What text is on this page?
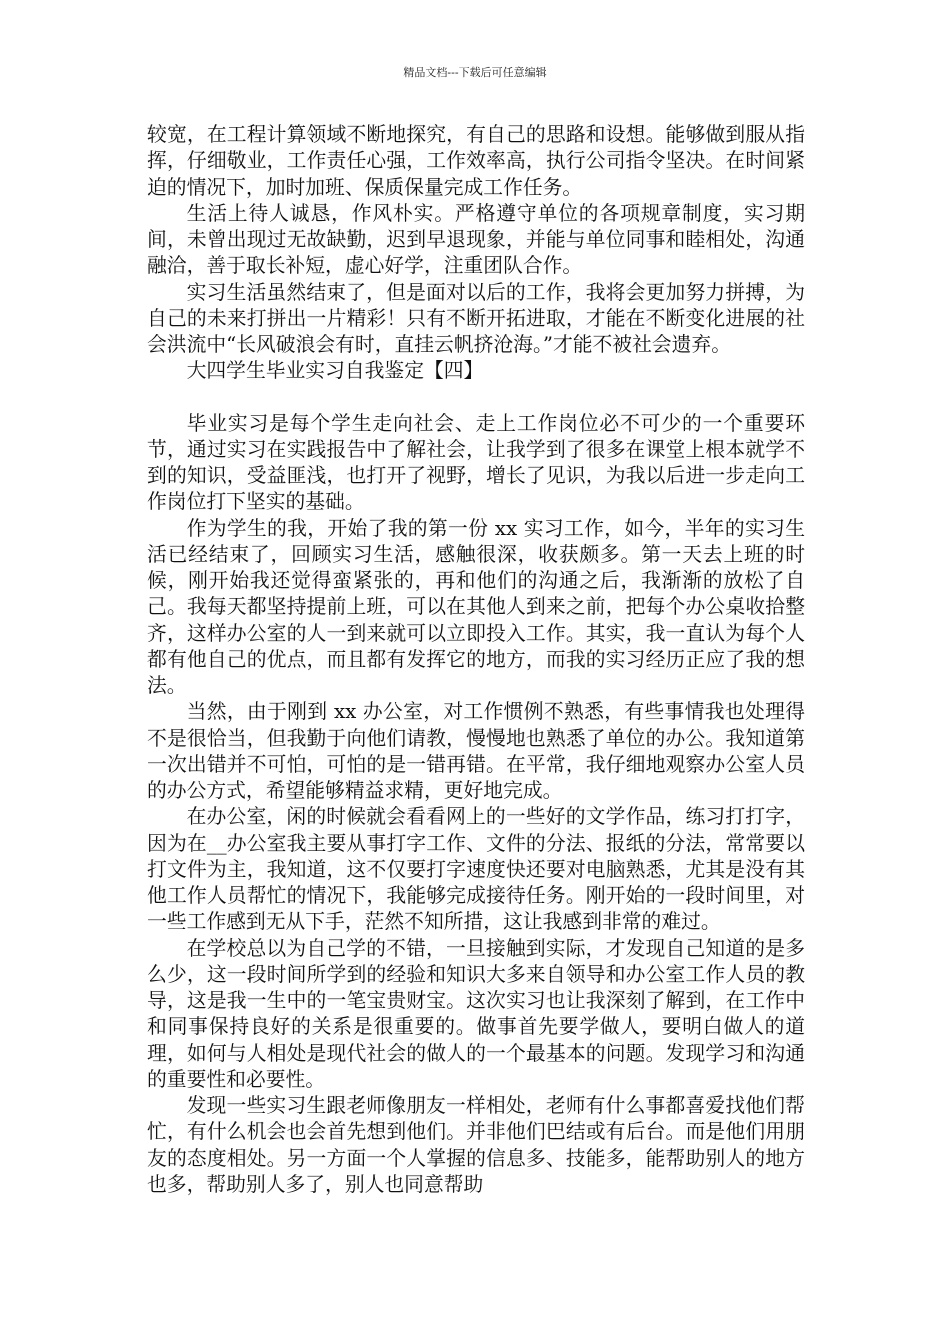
精品文档---下载后可任意编辑

较宽，在工程计算领域不断地探究，有自己的思路和设想。能够做到服从指挥，仔细敬业，工作责任心强，工作效率高，执行公司指令坚决。在时间紧迫的情况下，加时加班、保质保量完成工作任务。

生活上待人诚恳，作风朴实。严格遵守单位的各项规章制度，实习期间，未曾出现过无故缺勤，迟到早退现象，并能与单位同事和睦相处，沟通融洽，善于取长补短，虚心好学，注重团队合作。

实习生活虽然结束了，但是面对以后的工作，我将会更加努力拼搏，为自己的未来打拼出一片精彩！只有不断开拓进取，才能在不断变化进展的社会洪流中“长风破浪会有时，直挂云帆挤沧海。”才能不被社会遗弃。

大四学生毕业实习自我鉴定【四】

毕业实习是每个学生走向社会、走上工作岗位必不可少的一个重要环节，通过实习在实践报告中了解社会，让我学到了很多在课堂上根本就学不到的知识，受益匪浅，也打开了视野，增长了见识，为我以后进一步走向工作岗位打下坚实的基础。

作为学生的我，开始了我的第一份 xx 实习工作，如今，半年的实习生活已经结束了，回顾实习生活，感触很深，收获颇多。第一天去上班的时候，刚开始我还觉得蛮紧张的，再和他们的沟通之后，我渐渐的放松了自己。我每天都坚持提前上班，可以在其他人到来之前，把每个办公桌收拾整齐，这样办公室的人一到来就可以立即投入工作。其实，我一直认为每个人都有他自己的优点，而且都有发挥它的地方，而我的实习经历正应了我的想法。

当然，由于刚到 xx 办公室，对工作惯例不熟悉，有些事情我也处理得不是很恰当，但我勤于向他们请教，慢慢地也熟悉了单位的办公。我知道第一次出错并不可怕，可怕的是一错再错。在平常，我仔细地观察办公室人员的办公方式，希望能够精益求精，更好地完成。

在办公室，闲的时候就会看看网上的一些好的文学作品，练习打打字，因为在__办公室我主要从事打字工作、文件的分法、报纸的分法，常常要以打文件为主，我知道，这不仅要打字速度快还要对电脑熟悉，尤其是没有其他工作人员帮忙的情况下，我能够完成接待任务。刚开始的一段时间里，对一些工作感到无从下手，茫然不知所措，这让我感到非常的难过。

在学校总以为自己学的不错，一旦接触到实际，才发现自己知道的是多么少，这一段时间所学到的经验和知识大多来自领导和办公室工作人员的教导，这是我一生中的一笔宝贵财宝。这次实习也让我深刻了解到，在工作中和同事保持良好的关系是很重要的。做事首先要学做人，要明白做人的道理，如何与人相处是现代社会的做人的一个最基本的问题。发现学习和沟通的重要性和必要性。

发现一些实习生跟老师像朋友一样相处，老师有什么事都喜爱找他们帮忙，有什么机会也会首先想到他们。并非他们巴结或有后台。而是他们用朋友的态度相处。另一方面一个人掌握的信息多、技能多，能帮助别人的地方也多，帮助别人多了，别人也同意帮助
